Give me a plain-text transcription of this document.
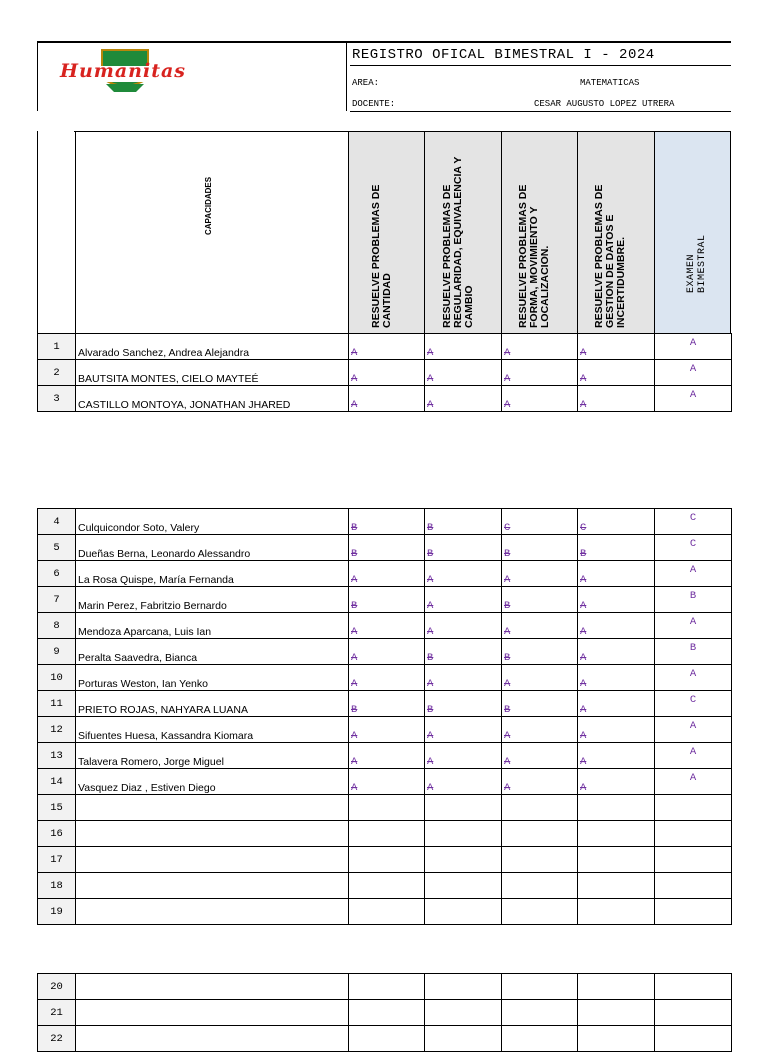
Humanitas
REGISTRO OFICAL BIMESTRAL I - 2024
AREA:	MATEMATICAS
DOCENTE:	CESAR AUGUSTO LOPEZ UTRERA
CAPACIDADES	RESUELVE PROBLEMAS DE CANTIDAD	RESUELVE PROBLEMAS DE REGULARIDAD, EQUIVALENCIA Y CAMBIO	RESUELVE PROBLEMAS DE FORMA, MOVIMIENTO Y LOCALIZACION.	RESUELVE PROBLEMAS DE GESTION DE DATOS E INCERTIDUMBRE.	EXAMEN BIMESTRAL
1	Alvarado Sanchez, Andrea Alejandra	A	A	A	A	A
2	BAUTSITA MONTES, CIELO MAYTEÉ	A	A	A	A	A
3	CASTILLO MONTOYA, JONATHAN JHARED	A	A	A	A	A
4	Culquicondor Soto, Valery	B	B	C	C	C
5	Dueñas Berna, Leonardo Alessandro	B	B	B	B	C
6	La Rosa Quispe, María Fernanda	A	A	A	A	A
7	Marin Perez, Fabritzio Bernardo	B	A	B	A	B
8	Mendoza Aparcana, Luis Ian	A	A	A	A	A
9	Peralta Saavedra, Bianca	A	B	B	A	B
10	Porturas Weston, Ian Yenko	A	A	A	A	A
11	PRIETO ROJAS, NAHYARA LUANA	B	B	B	A	C
12	Sifuentes Huesa, Kassandra Kiomara	A	A	A	A	A
13	Talavera Romero, Jorge Miguel	A	A	A	A	A
14	Vasquez Diaz , Estiven Diego	A	A	A	A	A
15						
16						
17						
18						
19						
20						
21						
22						
